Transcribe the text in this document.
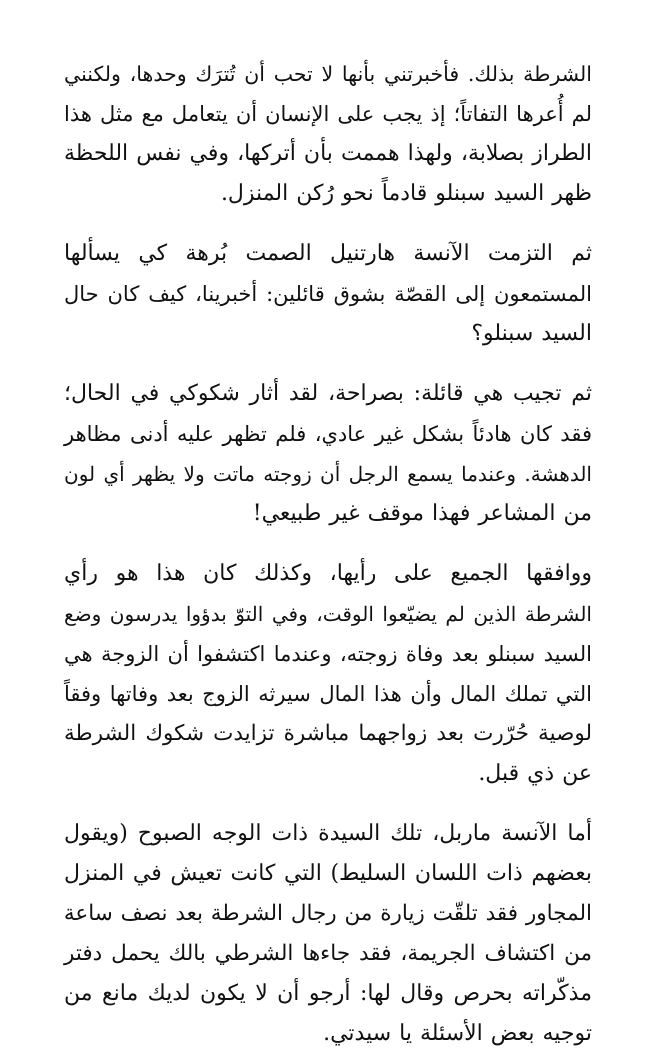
الشرطة بذلك. فأخبرتني بأنها لا تحب أن تُترَك وحدها، ولكنني
لم أُعرها التفاتاً؛ إذ يجب على الإنسان أن يتعامل مع مثل هذا
الطراز بصلابة، ولهذا هممت بأن أتركها، وفي نفس اللحظة
ظهر السيد سبنلو قادماً نحو رُكن المنزل.

ثم التزمت الآنسة هارتنيل الصمت بُرهة كي يسألها
المستمعون إلى القصّة بشوق قائلين: أخبرينا، كيف كان حال
السيد سبنلو؟

ثم تجيب هي قائلة: بصراحة، لقد أثار شكوكي في الحال؛
فقد كان هادئاً بشكل غير عادي، فلم تظهر عليه أدنى مظاهر
الدهشة. وعندما يسمع الرجل أن زوجته ماتت ولا يظهر أي لون
من المشاعر فهذا موقف غير طبيعي!

ووافقها الجميع على رأيها، وكذلك كان هذا هو رأي
الشرطة الذين لم يضيّعوا الوقت، وفي التوّ بدؤوا يدرسون وضع
السيد سبنلو بعد وفاة زوجته، وعندما اكتشفوا أن الزوجة هي
التي تملك المال وأن هذا المال سيرثه الزوج بعد وفاتها وفقاً
لوصية حُرّرت بعد زواجهما مباشرة تزايدت شكوك الشرطة
عن ذي قبل.

أما الآنسة ماربل، تلك السيدة ذات الوجه الصبوح (ويقول
بعضهم ذات اللسان السليط) التي كانت تعيش في المنزل
المجاور فقد تلقّت زيارة من رجال الشرطة بعد نصف ساعة
من اكتشاف الجريمة، فقد جاءها الشرطي بالك يحمل دفتر
مذكّراته بحرص وقال لها: أرجو أن لا يكون لديك مانع من
توجيه بعض الأسئلة يا سيدتي.
